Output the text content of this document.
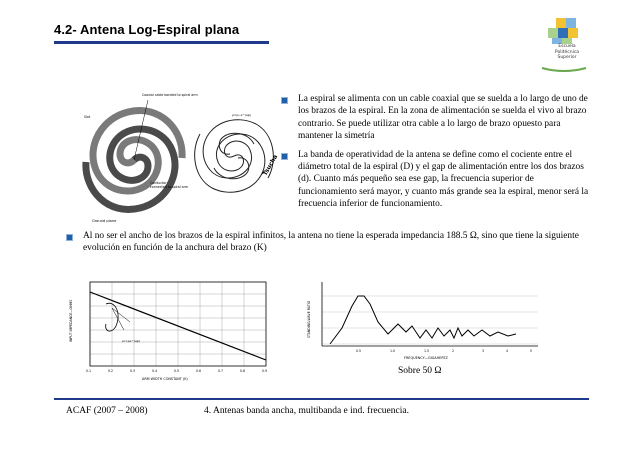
4.2- Antena Log-Espiral plana
Escuela
Politécnica
Superior
Coaxial cable bonded to spiral arm
Slot
Conductor
connected to spiral arm
Ground plane
ρ=ρ₀ e^(aφ)
Tsucha
La espiral se alimenta con un cable coaxial que se suelda a lo largo de uno de los brazos de la espiral. En la zona de alimentación se suelda el vivo al brazo contrario. Se puede utilizar otra cable a lo largo de brazo opuesto para mantener la simetría
La banda de operatividad de la antena se define como el cociente entre el diámetro total de la espiral (D) y el gap de alimentación entre los dos brazos (d). Cuanto más pequeño sea ese gap, la frecuencia superior de funcionamiento será mayor, y cuanto más grande sea la espiral, menor será la frecuencia inferior de funcionamiento.
Al no ser el ancho de los brazos de la espiral infinitos, la antena no tiene la esperada impedancia 188.5 Ω, sino que tiene la siguiente evolución en función de la anchura del brazo (K)
ρ₁=ρe^(aφ)
INPUT IMPEDANCE—OHMS
0.1	0.2	0.3	0.4	0.5	0.6	0.7	0.8	0.9
ARM WIDTH CONSTANT (K)
STANDING-WAVE RATIO
0.5	1.0	1.5	2	3	4	5
FREQUENCY—GIGAHERTZ
Sobre 50 Ω
ACAF (2007 – 2008)	4. Antenas banda ancha, multibanda e ind. frecuencia.
